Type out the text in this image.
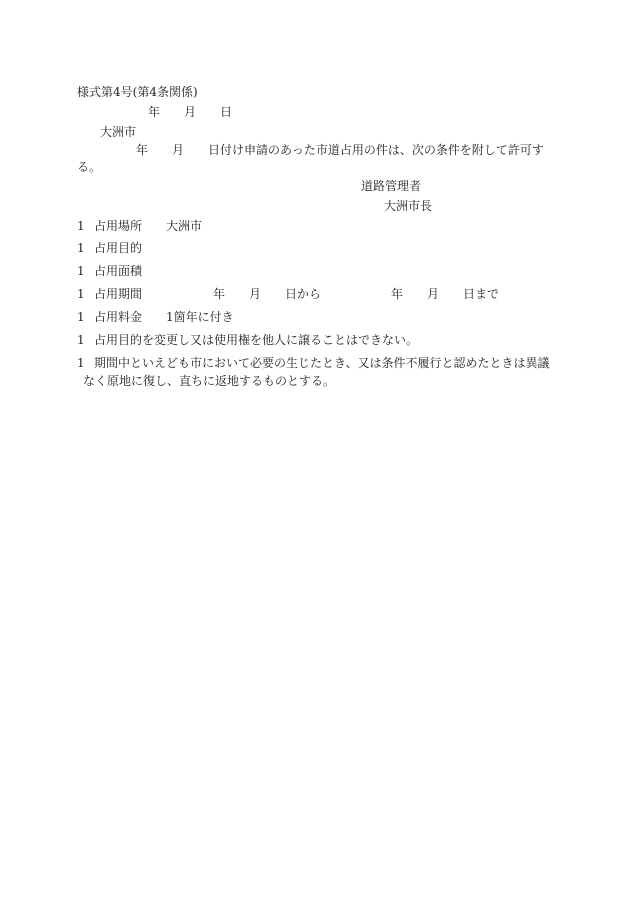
様式第4号(第4条関係)
年 月 日
大洲市
年 月 日付け申請のあった市道占用の件は、次の条件を附して許可す
る。
道路管理者
大洲市長
1 占用場所 大洲市
1 占用目的
1 占用面積
1 占用期間	年 月 日から	年 月 日まで
1 占用料金 1箇年に付き
1 占用目的を変更し又は使用権を他人に譲ることはできない。
1 期間中といえども市において必要の生じたとき、又は条件不履行と認めたときは異議
なく原地に復し、直ちに返地するものとする。
